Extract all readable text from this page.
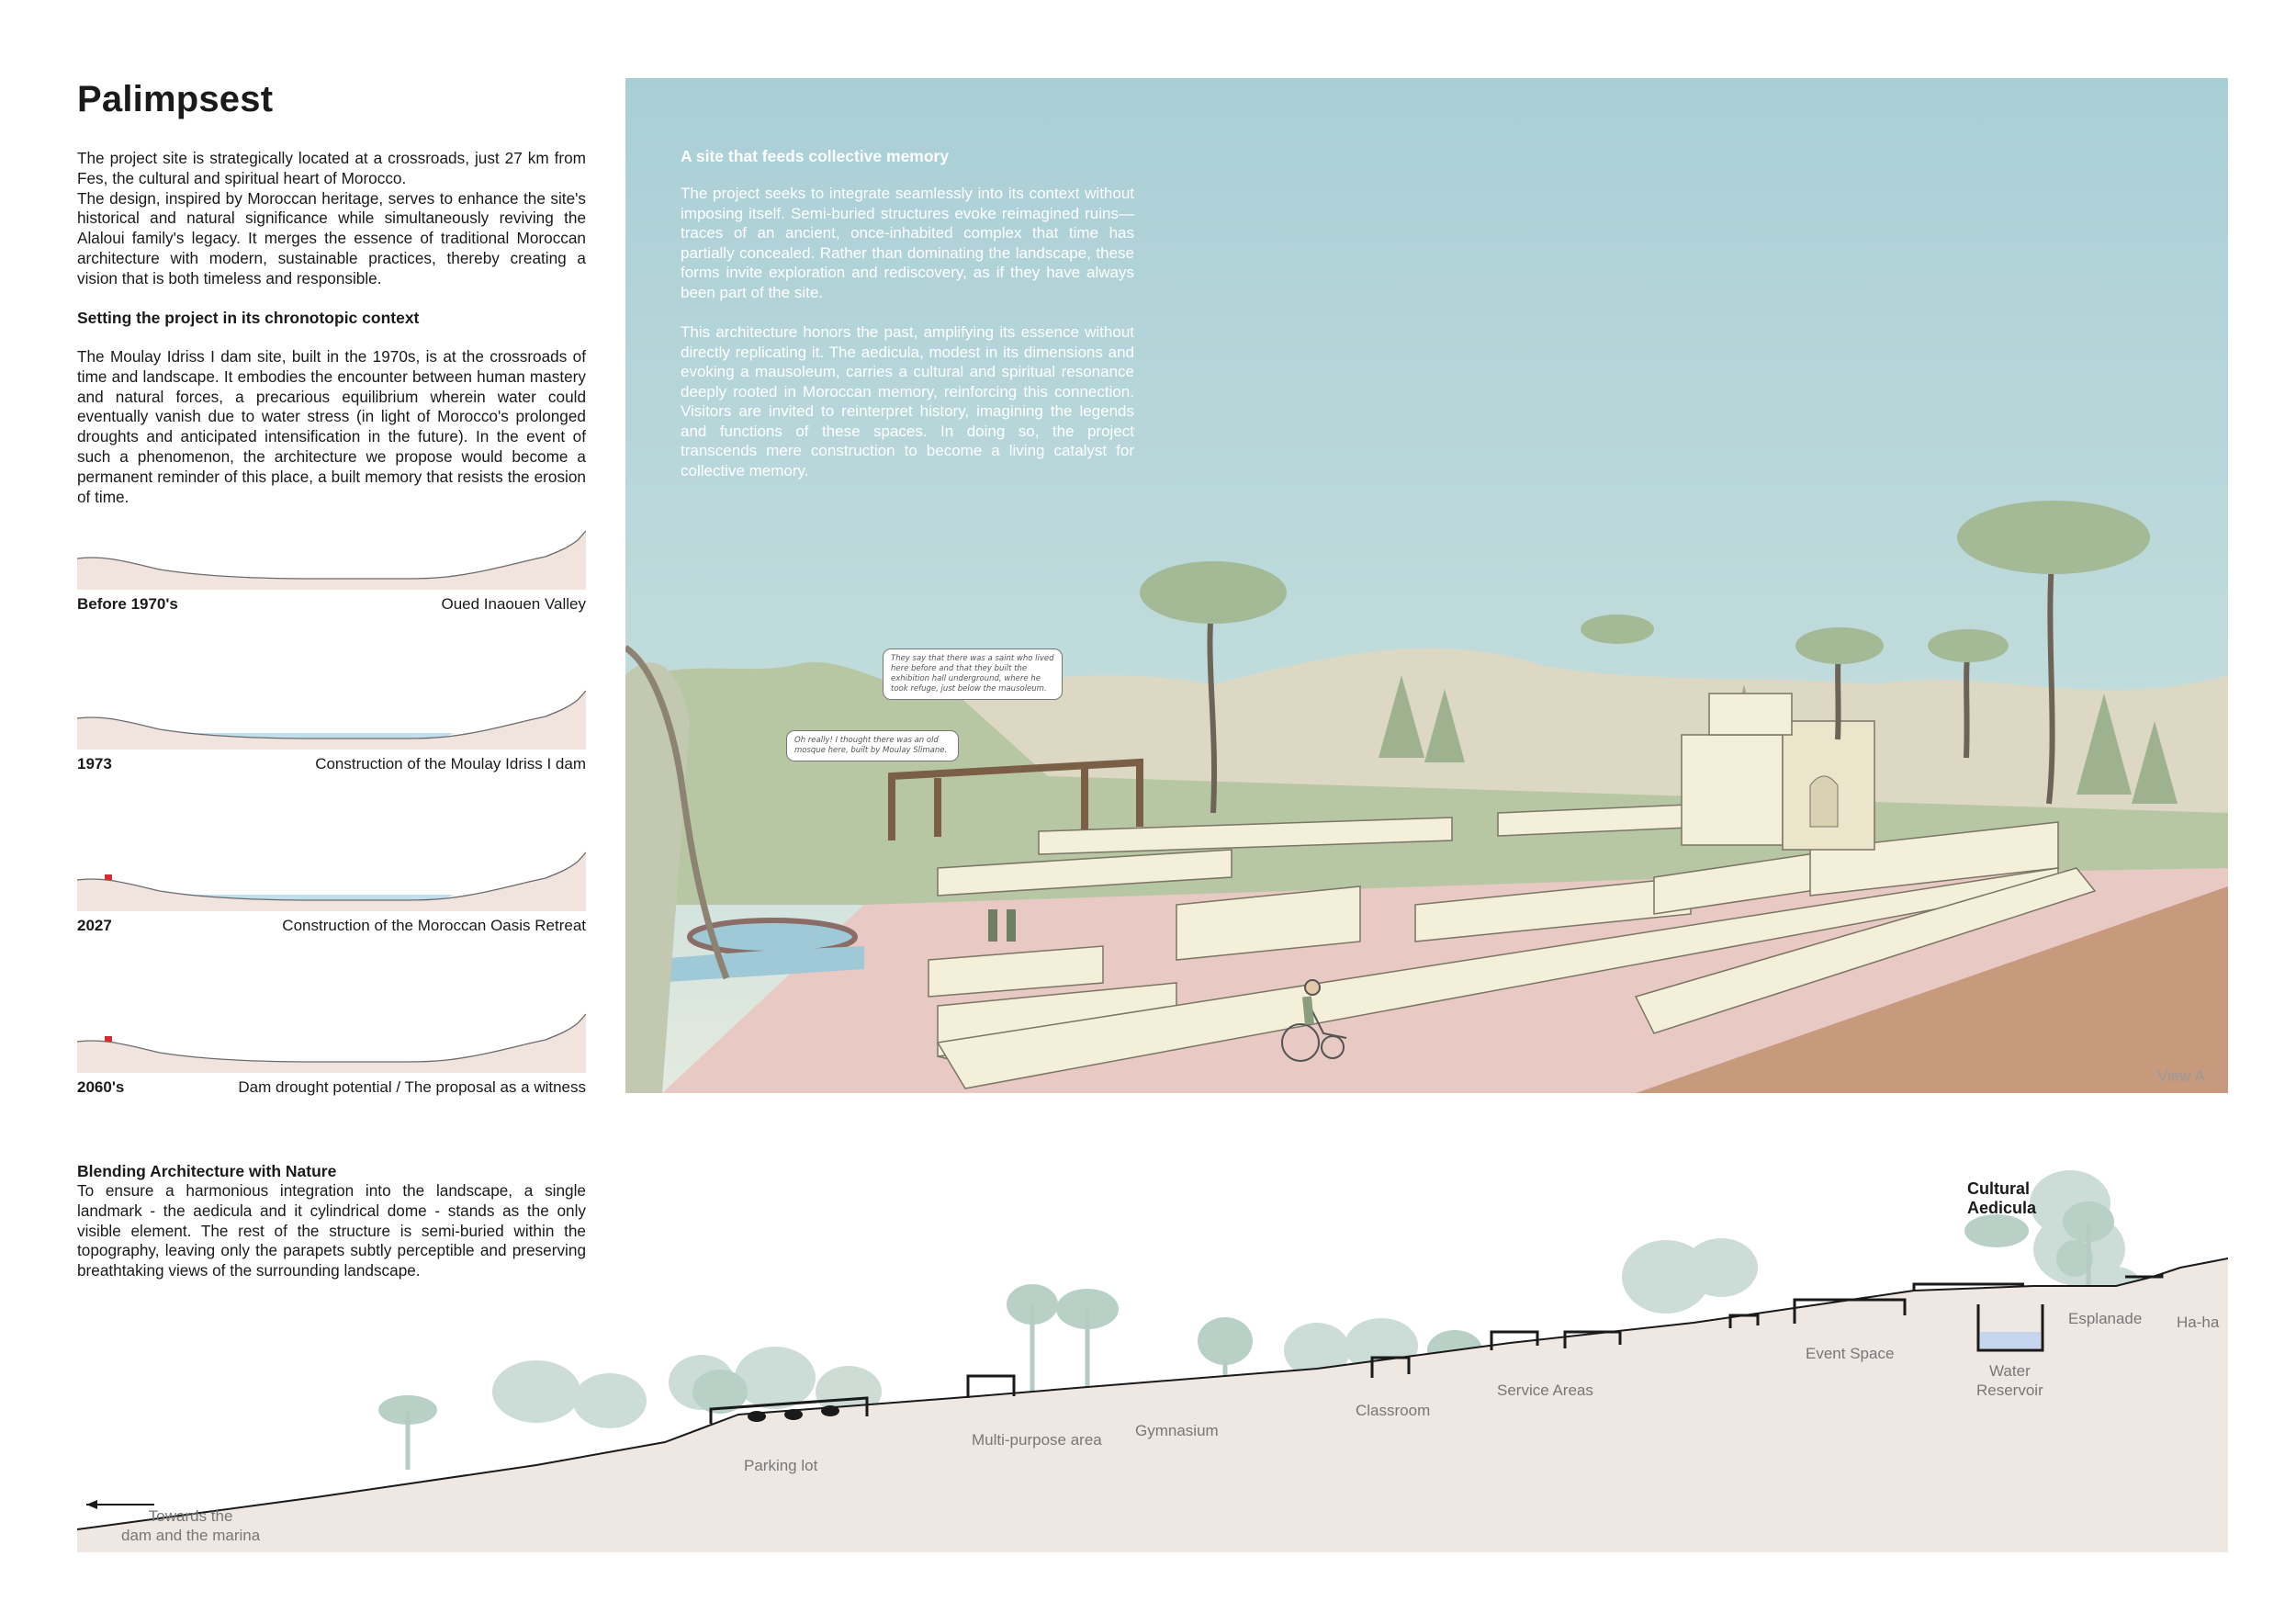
Palimpsest

The project site is strategically located at a crossroads, just 27 km from Fes, the cultural and spiritual heart of Morocco.

The design, inspired by Moroccan heritage, serves to enhance the site's historical and natural significance while simultaneously reviving the Alaloui family's legacy. It merges the essence of traditional Moroccan architecture with modern, sustainable practices, thereby creating a vision that is both timeless and responsible.

Setting the project in its chronotopic context

The Moulay Idriss I dam site, built in the 1970s, is at the crossroads of time and landscape. It embodies the encounter between human mastery and natural forces, a precarious equilibrium wherein water could eventually vanish due to water stress (in light of Morocco's prolonged droughts and anticipated intensification in the future). In the event of such a phenomenon, the architecture we propose would become a permanent reminder of this place, a built memory that resists the erosion of time.

Before 1970's	Oued Inaouen Valley
1973	Construction of the Moulay Idriss I dam
2027	Construction of the Moroccan Oasis Retreat
2060's	Dam drought potential / The proposal as a witness
Blending Architecture with Nature

To ensure a harmonious integration into the landscape, a single landmark - the aedicula and it cylindrical dome - stands as the only visible element. The rest of the structure is semi-buried within the topography, leaving only the parapets subtly perceptible and preserving breathtaking views of the surrounding landscape.

A site that feeds collective memory

The project seeks to integrate seamlessly into its context without imposing itself. Semi-buried structures evoke reimagined ruins—traces of an ancient, once-inhabited complex that time has partially concealed. Rather than dominating the landscape, these forms invite exploration and rediscovery, as if they have always been part of the site.

This architecture honors the past, amplifying its essence without directly replicating it. The aedicula, modest in its dimensions and evoking a mausoleum, carries a cultural and spiritual resonance deeply rooted in Moroccan memory, reinforcing this connection. Visitors are invited to reinterpret history, imagining the legends and functions of these spaces. In doing so, the project transcends mere construction to become a living catalyst for collective memory.

They say that there was a saint who lived here before and that they built the exhibition hall underground, where he took refuge, just below the mausoleum.
Oh really! I thought there was an old mosque here, built by Moulay Slimane.
View A.
Towards the
dam and the marina
Parking lot
Multi-purpose area
Gymnasium
Classroom
Service Areas
Event Space
Water
Reservoir
Esplanade Ha-ha
Cultural
Aedicula
